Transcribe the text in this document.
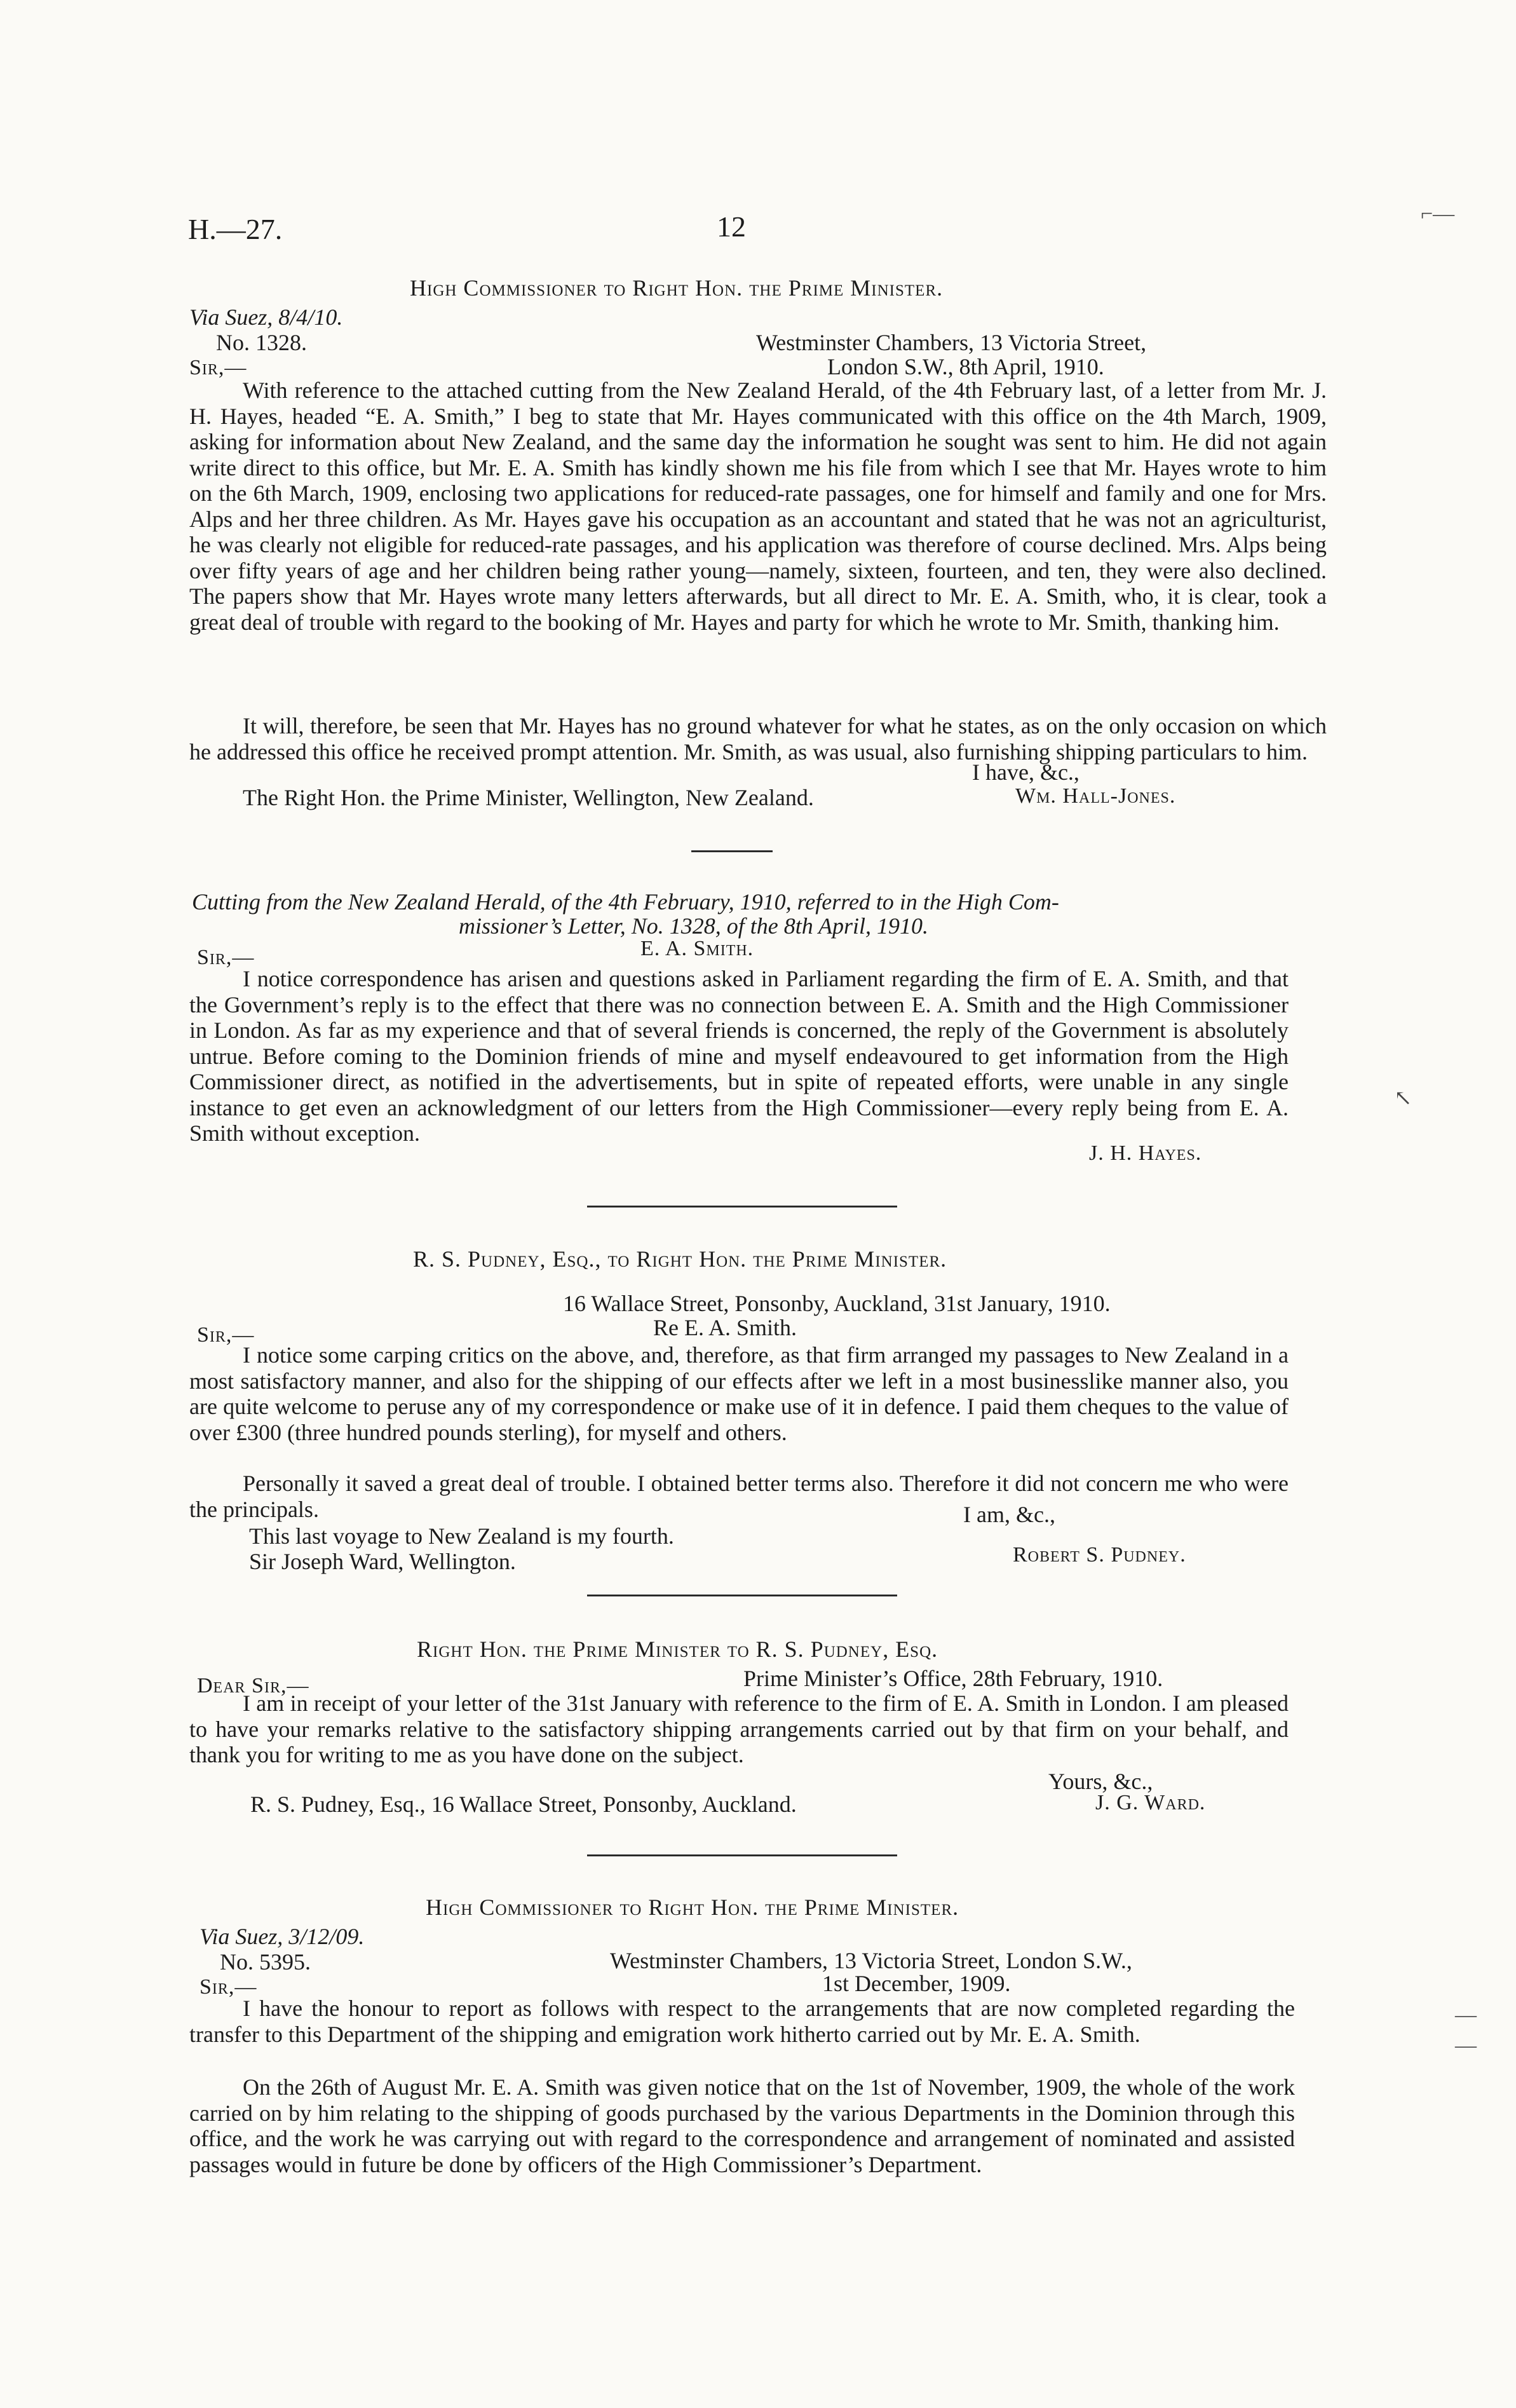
H.—27.	12
High Commissioner to Right Hon. the Prime Minister.
Via Suez, 8/4/10.
No. 1328.	Westminster Chambers, 13 Victoria Street,
London S.W., 8th April, 1910.
Sir,—
With reference to the attached cutting from the New Zealand Herald, of the 4th February last, of a letter from Mr. J. H. Hayes, headed “E. A. Smith,” I beg to state that Mr. Hayes communicated with this office on the 4th March, 1909, asking for information about New Zealand, and the same day the information he sought was sent to him. He did not again write direct to this office, but Mr. E. A. Smith has kindly shown me his file from which I see that Mr. Hayes wrote to him on the 6th March, 1909, enclosing two applications for reduced-rate passages, one for himself and family and one for Mrs. Alps and her three children. As Mr. Hayes gave his occupation as an accountant and stated that he was not an agriculturist, he was clearly not eligible for reduced-rate passages, and his application was therefore of course declined. Mrs. Alps being over fifty years of age and her children being rather young—namely, sixteen, fourteen, and ten, they were also declined. The papers show that Mr. Hayes wrote many letters afterwards, but all direct to Mr. E. A. Smith, who, it is clear, took a great deal of trouble with regard to the booking of Mr. Hayes and party for which he wrote to Mr. Smith, thanking him.
It will, therefore, be seen that Mr. Hayes has no ground whatever for what he states, as on the only occasion on which he addressed this office he received prompt attention. Mr. Smith, as was usual, also furnishing shipping particulars to him.
I have, &c.,
The Right Hon. the Prime Minister, Wellington, New Zealand.	Wm. Hall-Jones.
Cutting from the New Zealand Herald, of the 4th February, 1910, referred to in the High Com-
missioner’s Letter, No. 1328, of the 8th April, 1910.
E. A. Smith.
Sir,—
I notice correspondence has arisen and questions asked in Parliament regarding the firm of E. A. Smith, and that the Government’s reply is to the effect that there was no connection between E. A. Smith and the High Commissioner in London. As far as my experience and that of several friends is concerned, the reply of the Government is absolutely untrue. Before coming to the Dominion friends of mine and myself endeavoured to get information from the High Commissioner direct, as notified in the advertisements, but in spite of repeated efforts, were unable in any single instance to get even an acknowledgment of our letters from the High Commissioner—every reply being from E. A. Smith without exception.
J. H. Hayes.
R. S. Pudney, Esq., to Right Hon. the Prime Minister.
16 Wallace Street, Ponsonby, Auckland, 31st January, 1910.
Re E. A. Smith.
Sir,—
I notice some carping critics on the above, and, therefore, as that firm arranged my passages to New Zealand in a most satisfactory manner, and also for the shipping of our effects after we left in a most businesslike manner also, you are quite welcome to peruse any of my correspondence or make use of it in defence. I paid them cheques to the value of over £300 (three hundred pounds sterling), for myself and others.
Personally it saved a great deal of trouble. I obtained better terms also. Therefore it did not concern me who were the principals.
This last voyage to New Zealand is my fourth.
I am, &c.,
Sir Joseph Ward, Wellington.	Robert S. Pudney.
Right Hon. the Prime Minister to R. S. Pudney, Esq.
Dear Sir,—	Prime Minister’s Office, 28th February, 1910.
I am in receipt of your letter of the 31st January with reference to the firm of E. A. Smith in London. I am pleased to have your remarks relative to the satisfactory shipping arrangements carried out by that firm on your behalf, and thank you for writing to me as you have done on the subject.
Yours, &c.,
R. S. Pudney, Esq., 16 Wallace Street, Ponsonby, Auckland.	J. G. Ward.
High Commissioner to Right Hon. the Prime Minister.
Via Suez, 3/12/09.
No. 5395.	Westminster Chambers, 13 Victoria Street, London S.W.,
1st December, 1909.
Sir,—
I have the honour to report as follows with respect to the arrangements that are now completed regarding the transfer to this Department of the shipping and emigration work hitherto carried out by Mr. E. A. Smith.
On the 26th of August Mr. E. A. Smith was given notice that on the 1st of November, 1909, the whole of the work carried on by him relating to the shipping of goods purchased by the various Departments in the Dominion through this office, and the work he was carrying out with regard to the correspondence and arrangement of nominated and assisted passages would in future be done by officers of the High Commissioner’s Department.
⌐—
↖
—
—
